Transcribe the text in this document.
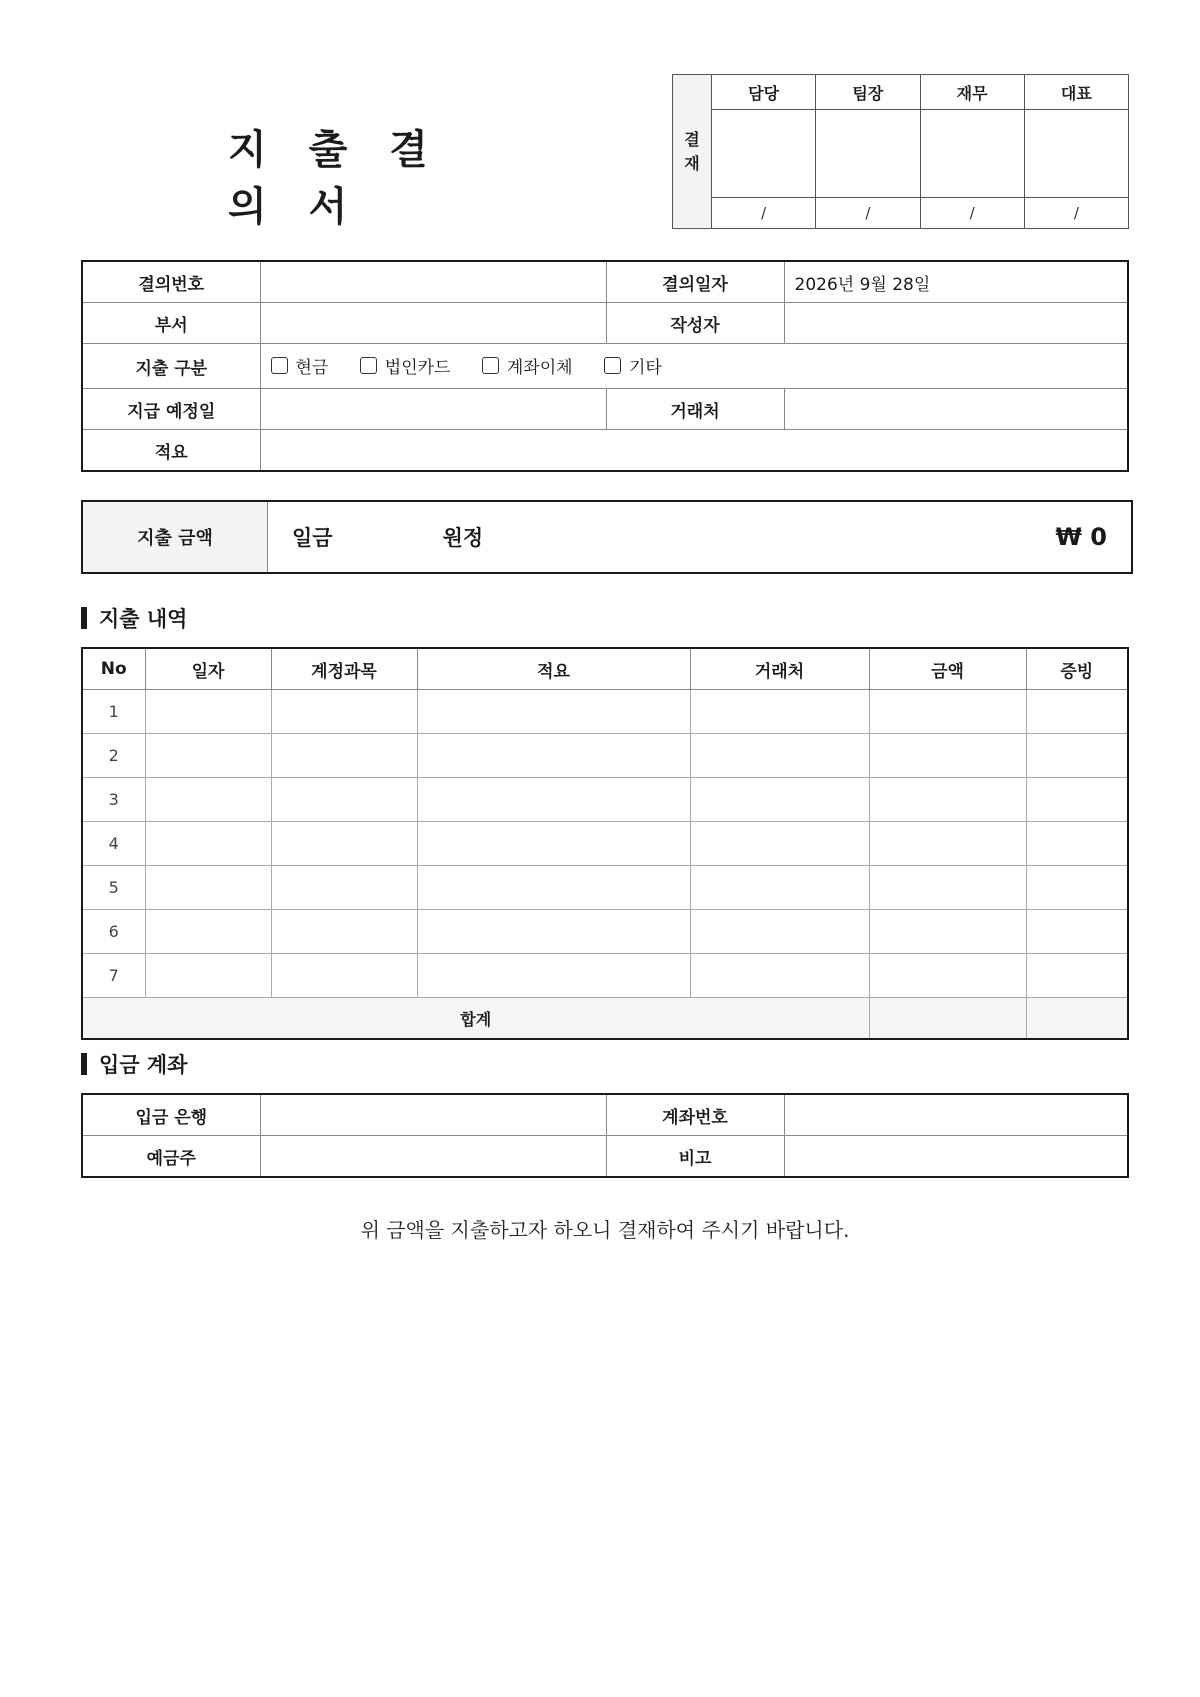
지 출 결 의 서
결
재	담당	팀장	재무	대표

	/	/	/	/
결의번호		결의일자	2026년 9월 28일
부서		작성자	
지출 구분	현금
법인카드
계좌이체
기타		

지급 예정일		거래처	
적요			
지출 금액	일금	원정	₩ 0
지출 내역
No	일자	계정과목	적요	거래처	금액	증빙
1						
2						
3						
4						
5						
6						
7						
합계						
입금 계좌
입금 은행		계좌번호	
예금주		비고	
위 금액을 지출하고자 하오니 결재하여 주시기 바랍니다.
